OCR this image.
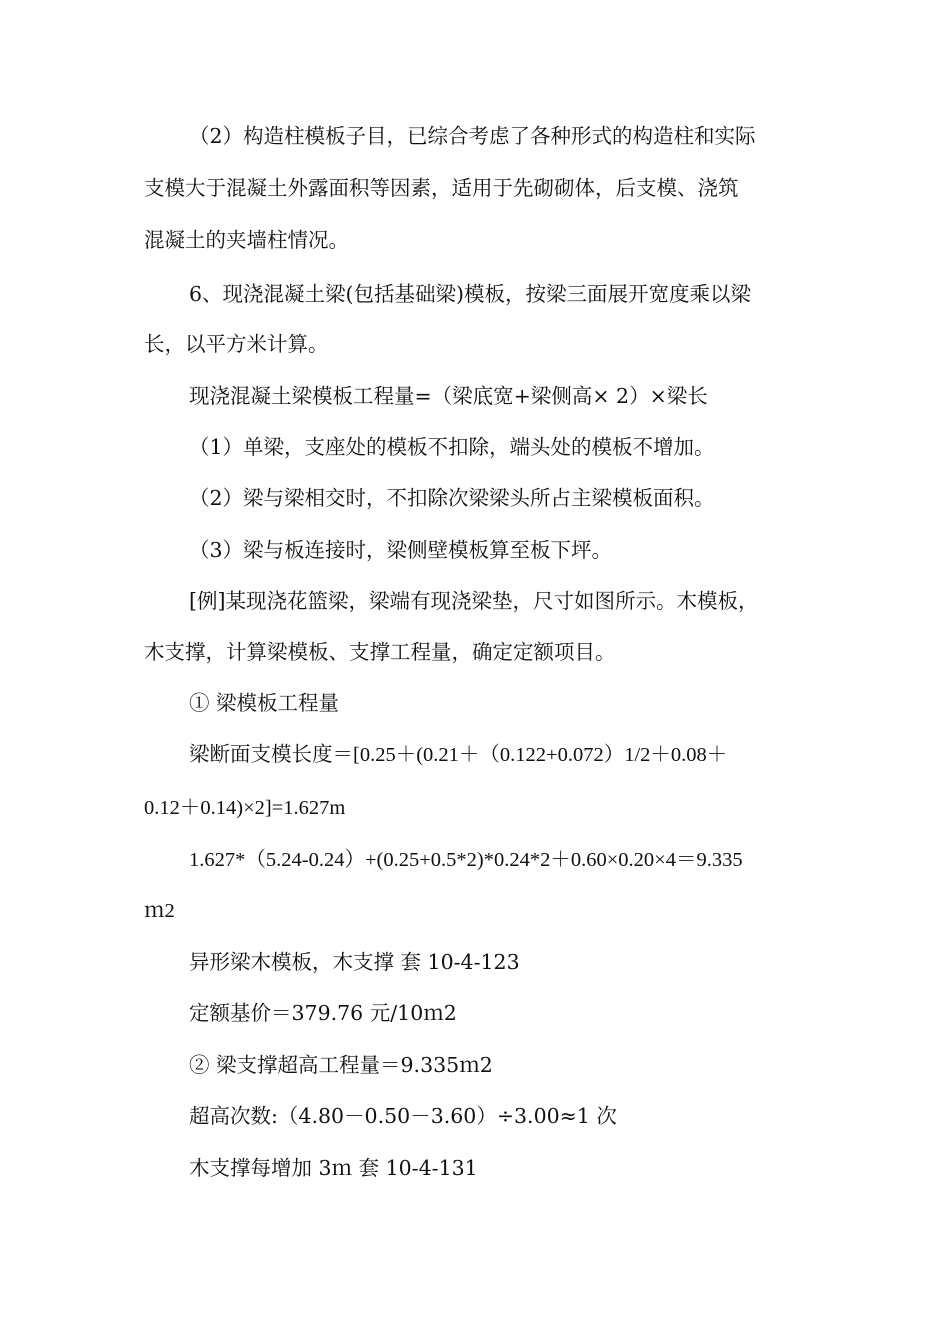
（2）构造柱模板子目，已综合考虑了各种形式的构造柱和实际

支模大于混凝土外露面积等因素，适用于先砌砌体，后支模、浇筑

混凝土的夹墙柱情况。

6、现浇混凝土梁(包括基础梁)模板，按梁三面展开宽度乘以梁

长，以平方米计算。

现浇混凝土梁模板工程量=（梁底宽+梁侧高× 2）×梁长

（1）单梁，支座处的模板不扣除，端头处的模板不增加。

（2）梁与梁相交时，不扣除次梁梁头所占主梁模板面积。

（3）梁与板连接时，梁侧壁模板算至板下坪。

[例]某现浇花篮梁，梁端有现浇梁垫，尺寸如图所示。木模板，

木支撑，计算梁模板、支撑工程量，确定定额项目。

① 梁模板工程量

梁断面支模长度＝[0.25＋(0.21＋（0.122+0.072）1/2＋0.08＋

0.12＋0.14)×2]=1.627m

1.627*（5.24-0.24）+(0.25+0.5*2)*0.24*2＋0.60×0.20×4＝9.335

ｍ2

异形梁木模板，木支撑 套 10-4-123

定额基价＝379.76 元/10ｍ2

② 梁支撑超高工程量＝9.335ｍ2

超高次数:（4.80－0.50－3.60）÷3.00≈1 次

木支撑每增加 3ｍ 套 10-4-131
